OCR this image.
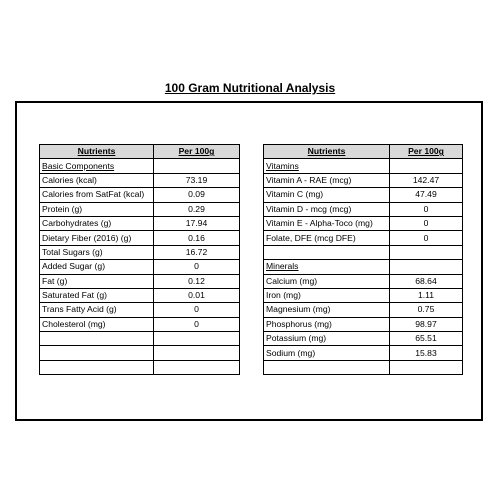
100 Gram Nutritional Analysis
Nutrients	Per 100g
Basic Components	
Calories (kcal)	73.19
Calories from SatFat (kcal)	0.09
Protein (g)	0.29
Carbohydrates (g)	17.94
Dietary Fiber (2016) (g)	0.16
Total Sugars (g)	16.72
Added Sugar (g)	0
Fat (g)	0.12
Saturated Fat (g)	0.01
Trans Fatty Acid (g)	0
Cholesterol (mg)	0

Nutrients	Per 100g
Vitamins	
Vitamin A - RAE (mcg)	142.47
Vitamin C (mg)	47.49
Vitamin D - mcg (mcg)	0
Vitamin E - Alpha-Toco (mg)	0
Folate, DFE (mcg DFE)	0

Minerals	
Calcium (mg)	68.64
Iron (mg)	1.11
Magnesium (mg)	0.75
Phosphorus (mg)	98.97
Potassium (mg)	65.51
Sodium (mg)	15.83
